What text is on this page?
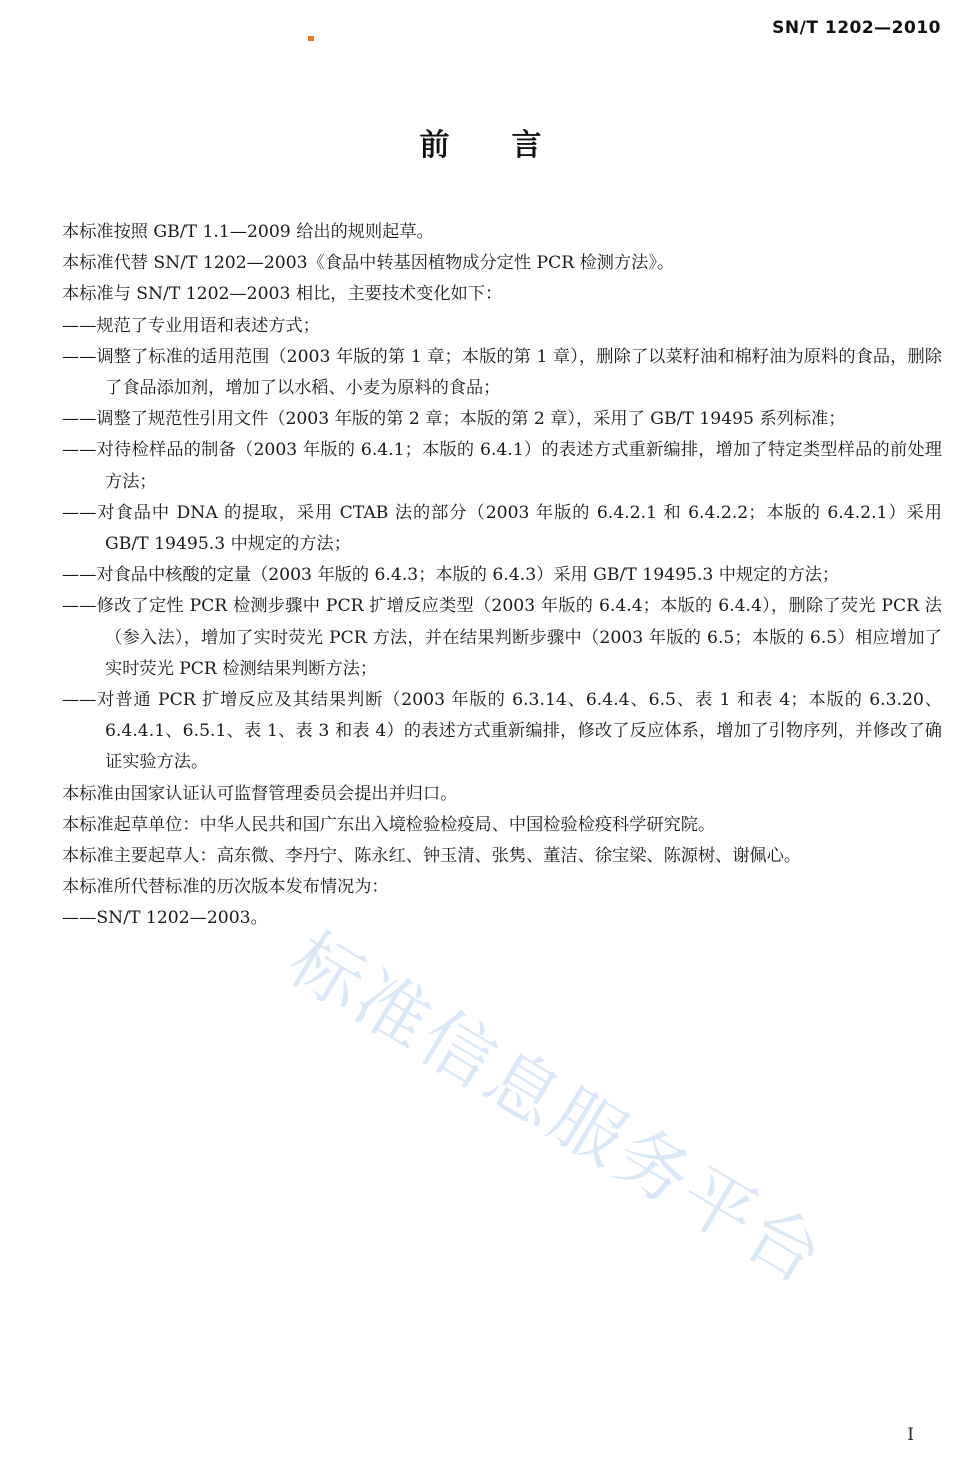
SN/T 1202—2010
前言

本标准按照 GB/T 1.1—2009 给出的规则起草。

本标准代替 SN/T 1202—2003《食品中转基因植物成分定性 PCR 检测方法》。

本标准与 SN/T 1202—2003 相比，主要技术变化如下：

——规范了专业用语和表述方式；

——调整了标准的适用范围（2003 年版的第 1 章；本版的第 1 章），删除了以菜籽油和棉籽油为原料的食品，删除了食品添加剂，增加了以水稻、小麦为原料的食品；

——调整了规范性引用文件（2003 年版的第 2 章；本版的第 2 章），采用了 GB/T 19495 系列标准；

——对待检样品的制备（2003 年版的 6.4.1；本版的 6.4.1）的表述方式重新编排，增加了特定类型样品的前处理方法；

——对食品中 DNA 的提取，采用 CTAB 法的部分（2003 年版的 6.4.2.1 和 6.4.2.2；本版的 6.4.2.1）采用 GB/T 19495.3 中规定的方法；

——对食品中核酸的定量（2003 年版的 6.4.3；本版的 6.4.3）采用 GB/T 19495.3 中规定的方法；

——修改了定性 PCR 检测步骤中 PCR 扩增反应类型（2003 年版的 6.4.4；本版的 6.4.4），删除了荧光 PCR 法（参入法），增加了实时荧光 PCR 方法，并在结果判断步骤中（2003 年版的 6.5；本版的 6.5）相应增加了实时荧光 PCR 检测结果判断方法；

——对普通 PCR 扩增反应及其结果判断（2003 年版的 6.3.14、6.4.4、6.5、表 1 和表 4；本版的 6.3.20、6.4.4.1、6.5.1、表 1、表 3 和表 4）的表述方式重新编排，修改了反应体系，增加了引物序列，并修改了确证实验方法。

本标准由国家认证认可监督管理委员会提出并归口。

本标准起草单位：中华人民共和国广东出入境检验检疫局、中国检验检疫科学研究院。

本标准主要起草人：高东微、李丹宁、陈永红、钟玉清、张隽、董洁、徐宝梁、陈源树、谢佩心。

本标准所代替标准的历次版本发布情况为：

——SN/T 1202—2003。 标准信息服务平台
I
